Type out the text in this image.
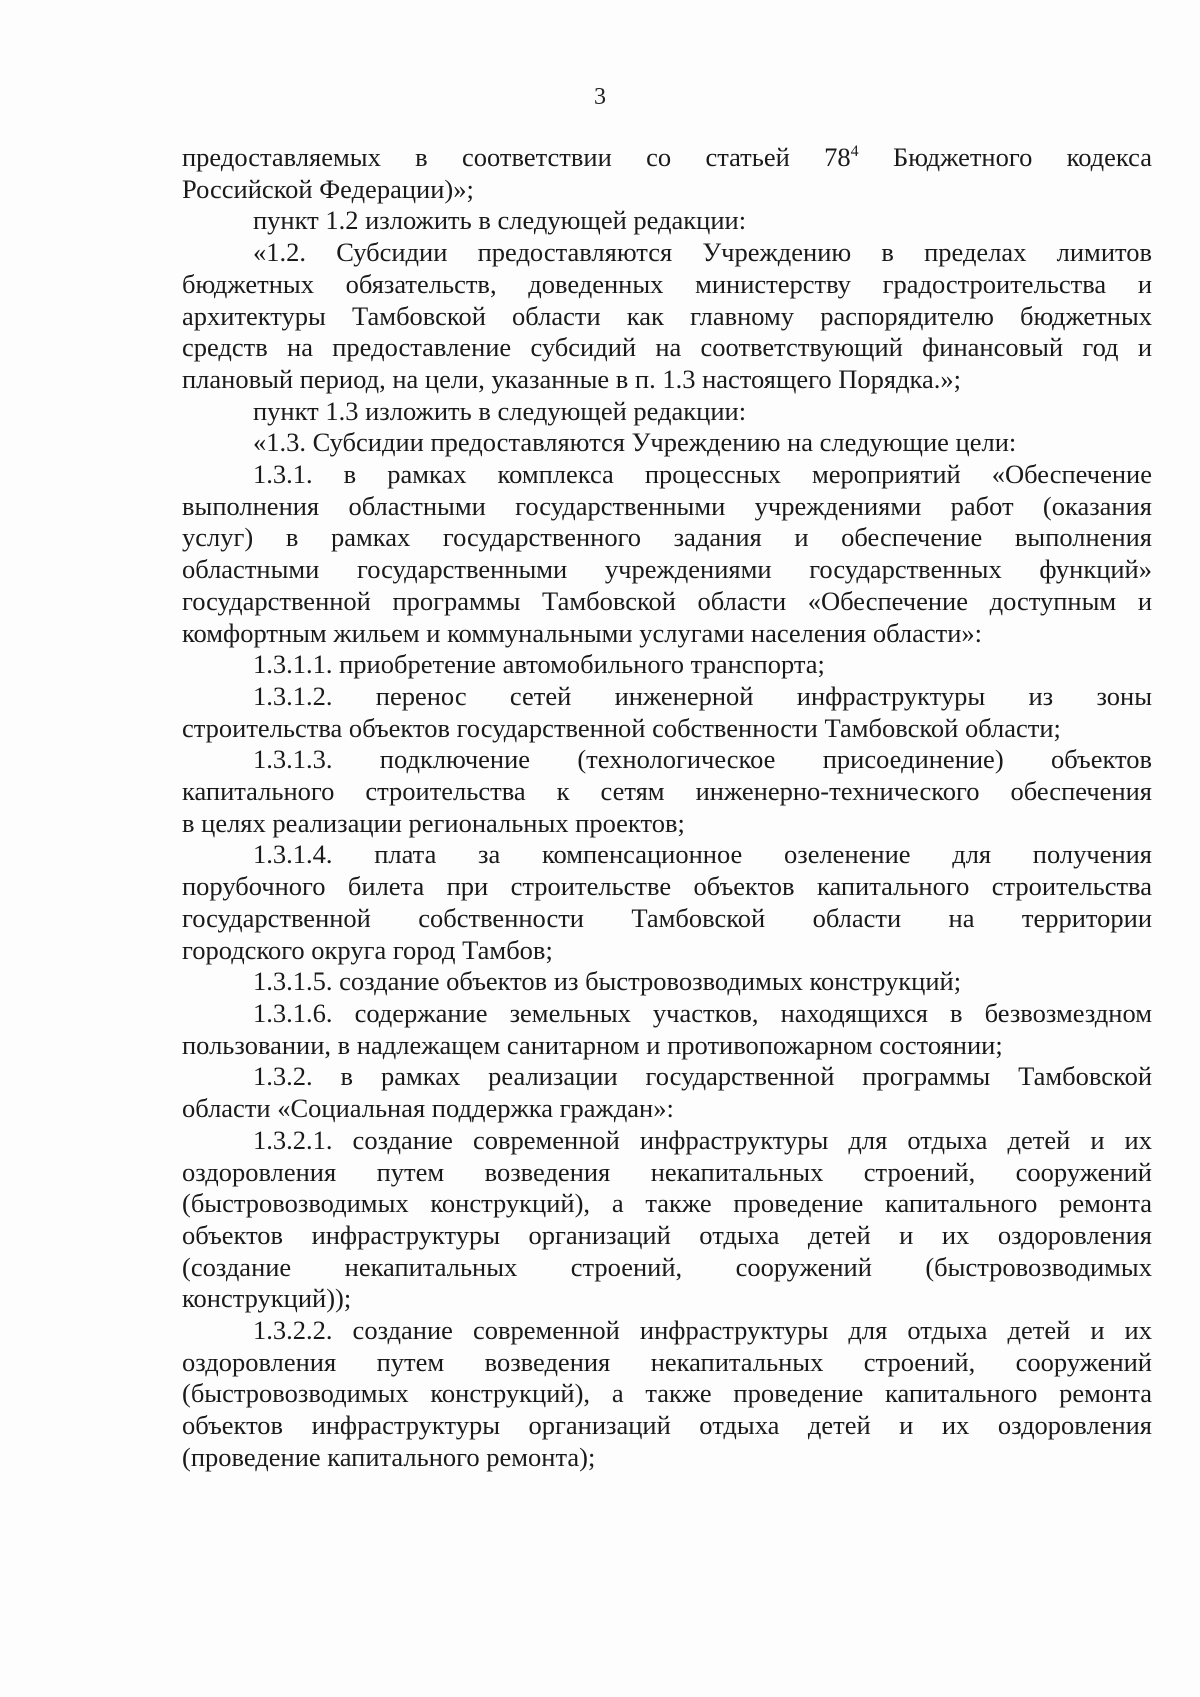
3
предоставляемых в соответствии со статьей $78^4$ Бюджетного кодекса
Российской Федерации)»;
пункт 1.2 изложить в следующей редакции:
«1.2. Субсидии предоставляются Учреждению в пределах лимитов
бюджетных обязательств, доведенных министерству градостроительства и
архитектуры Тамбовской области как главному распорядителю бюджетных
средств на предоставление субсидий на соответствующий финансовый год и
плановый период, на цели, указанные в п. 1.3 настоящего Порядка.»;
пункт 1.3 изложить в следующей редакции:
«1.3. Субсидии предоставляются Учреждению на следующие цели:
1.3.1. в рамках комплекса процессных мероприятий «Обеспечение
выполнения областными государственными учреждениями работ (оказания
услуг) в рамках государственного задания и обеспечение выполнения
областными государственными учреждениями государственных функций»
государственной программы Тамбовской области «Обеспечение доступным и
комфортным жильем и коммунальными услугами населения области»:
1.3.1.1. приобретение автомобильного транспорта;
1.3.1.2. перенос сетей инженерной инфраструктуры из зоны
строительства объектов государственной собственности Тамбовской области;
1.3.1.3. подключение (технологическое присоединение) объектов
капитального строительства к сетям инженерно-технического обеспечения
в целях реализации региональных проектов;
1.3.1.4. плата за компенсационное озеленение для получения
порубочного билета при строительстве объектов капитального строительства
государственной собственности Тамбовской области на территории
городского округа город Тамбов;
1.3.1.5. создание объектов из быстровозводимых конструкций;
1.3.1.6. содержание земельных участков, находящихся в безвозмездном
пользовании, в надлежащем санитарном и противопожарном состоянии;
1.3.2. в рамках реализации государственной программы Тамбовской
области «Социальная поддержка граждан»:
1.3.2.1. создание современной инфраструктуры для отдыха детей и их
оздоровления путем возведения некапитальных строений, сооружений
(быстровозводимых конструкций), а также проведение капитального ремонта
объектов инфраструктуры организаций отдыха детей и их оздоровления
(создание некапитальных строений, сооружений (быстровозводимых
конструкций));
1.3.2.2. создание современной инфраструктуры для отдыха детей и их
оздоровления путем возведения некапитальных строений, сооружений
(быстровозводимых конструкций), а также проведение капитального ремонта
объектов инфраструктуры организаций отдыха детей и их оздоровления
(проведение капитального ремонта);
